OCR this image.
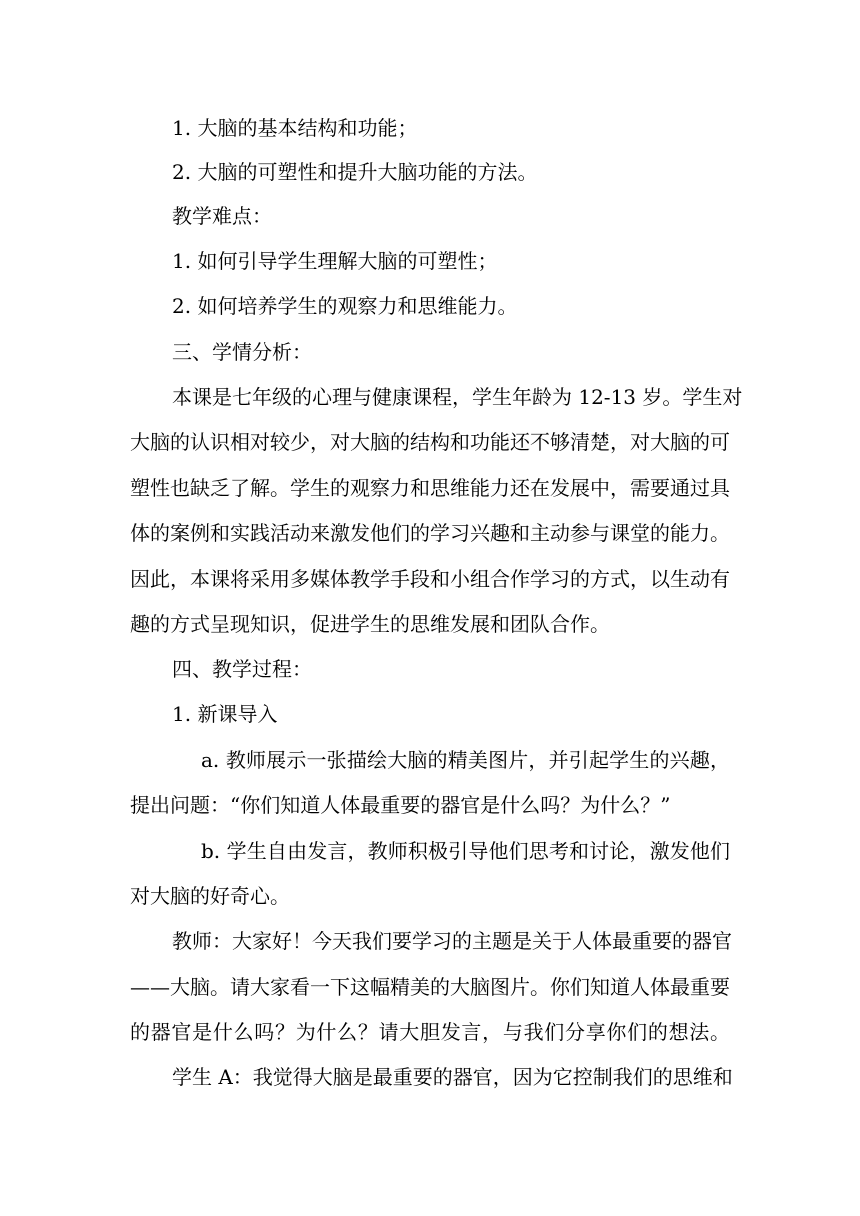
1. 大脑的基本结构和功能；
2. 大脑的可塑性和提升大脑功能的方法。
教学难点：
1. 如何引导学生理解大脑的可塑性；
2. 如何培养学生的观察力和思维能力。
三、学情分析：
本课是七年级的心理与健康课程，学生年龄为 12-13 岁。学生对
大脑的认识相对较少，对大脑的结构和功能还不够清楚，对大脑的可
塑性也缺乏了解。学生的观察力和思维能力还在发展中，需要通过具
体的案例和实践活动来激发他们的学习兴趣和主动参与课堂的能力。
因此，本课将采用多媒体教学手段和小组合作学习的方式，以生动有
趣的方式呈现知识，促进学生的思维发展和团队合作。
四、教学过程：
1. 新课导入
a. 教师展示一张描绘大脑的精美图片，并引起学生的兴趣，
提出问题：“你们知道人体最重要的器官是什么吗？为什么？”
b. 学生自由发言，教师积极引导他们思考和讨论，激发他们
对大脑的好奇心。
教师：大家好！今天我们要学习的主题是关于人体最重要的器官
——大脑。请大家看一下这幅精美的大脑图片。你们知道人体最重要
的器官是什么吗？为什么？请大胆发言，与我们分享你们的想法。
学生 A：我觉得大脑是最重要的器官，因为它控制我们的思维和
